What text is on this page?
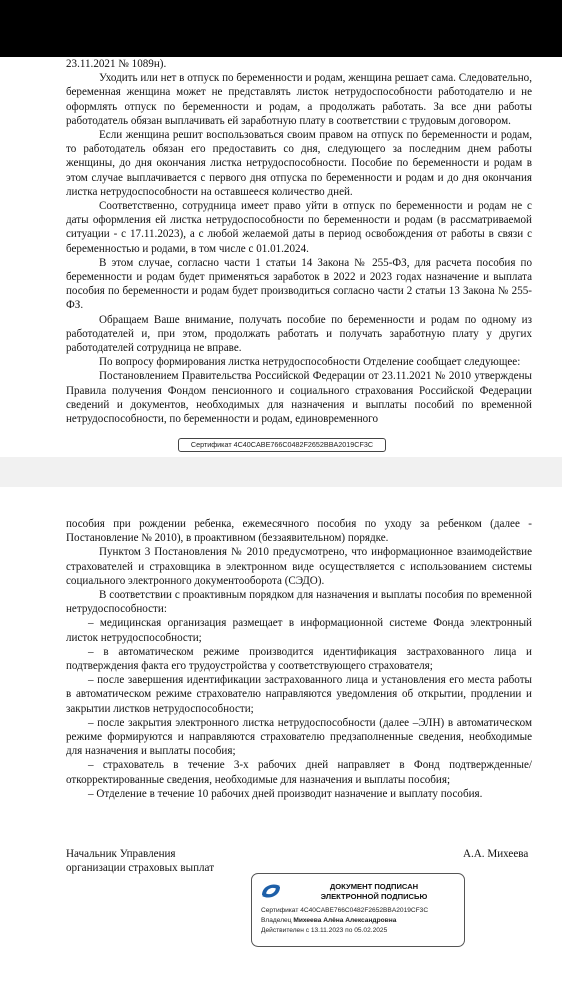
23.11.2021 № 1089н).

Уходить или нет в отпуск по беременности и родам, женщина решает сама. Следовательно, беременная женщина может не представлять листок нетрудоспособности работодателю и не оформлять отпуск по беременности и родам, а продолжать работать. За все дни работы работодатель обязан выплачивать ей заработную плату в соответствии с трудовым договором.

Если женщина решит воспользоваться своим правом на отпуск по беременности и родам, то работодатель обязан его предоставить со дня, следующего за последним днем работы женщины, до дня окончания листка нетрудоспособности. Пособие по беременности и родам в этом случае выплачивается с первого дня отпуска по беременности и родам и до дня окончания листка нетрудоспособности на оставшееся количество дней.

Соответственно, сотрудница имеет право уйти в отпуск по беременности и родам не с даты оформления ей листка нетрудоспособности по беременности и родам (в рассматриваемой ситуации - с 17.11.2023), а с любой желаемой даты в период освобождения от работы в связи с беременностью и родами, в том числе с 01.01.2024.

В этом случае, согласно части 1 статьи 14 Закона № 255-ФЗ, для расчета пособия по беременности и родам будет применяться заработок в 2022 и 2023 годах назначение и выплата пособия по беременности и родам будет производиться согласно части 2 статьи 13 Закона № 255-ФЗ.

Обращаем Ваше внимание, получать пособие по беременности и родам по одному из работодателей и, при этом, продолжать работать и получать заработную плату у других работодателей сотрудница не вправе.

По вопросу формирования листка нетрудоспособности Отделение сообщает следующее:

Постановлением Правительства Российской Федерации от 23.11.2021 № 2010 утверждены Правила получения Фондом пенсионного и социального страхования Российской Федерации сведений и документов, необходимых для назначения и выплаты пособий по временной нетрудоспособности, по беременности и родам, единовременного

Сертификат 4C40CABE766C0482F2652BBA2019CF3C

пособия при рождении ребенка, ежемесячного пособия по уходу за ребенком (далее - Постановление № 2010), в проактивном (беззаявительном) порядке.

Пунктом 3 Постановления № 2010 предусмотрено, что информационное взаимодействие страхователей и страховщика в электронном виде осуществляется с использованием системы социального электронного документооборота (СЭДО).

В соответствии с проактивным порядком для назначения и выплаты пособия по временной нетрудоспособности:

– медицинская организация размещает в информационной системе Фонда электронный листок нетрудоспособности;

– в автоматическом режиме производится идентификация застрахованного лица и подтверждения факта его трудоустройства у соответствующего страхователя;

– после завершения идентификации застрахованного лица и установления его места работы в автоматическом режиме страхователю направляются уведомления об открытии, продлении и закрытии листков нетрудоспособности;

– после закрытия электронного листка нетрудоспособности (далее –ЭЛН) в автоматическом режиме формируются и направляются страхователю предзаполненные сведения, необходимые для назначения и выплаты пособия;

– страхователь в течение 3-х рабочих дней направляет в Фонд подтвержденные/откорректированные сведения, необходимые для назначения и выплаты пособия;

– Отделение в течение 10 рабочих дней производит назначение и выплату пособия.

Начальник Управления
организации страховых выплат
А.А. Михеева
ДОКУМЕНТ ПОДПИСАН
ЭЛЕКТРОННОЙ ПОДПИСЬЮ
Сертификат 4C40CABE766C0482F2652BBA2019CF3C
Владелец Михеева Алёна Александровна
Действителен с 13.11.2023 по 05.02.2025
